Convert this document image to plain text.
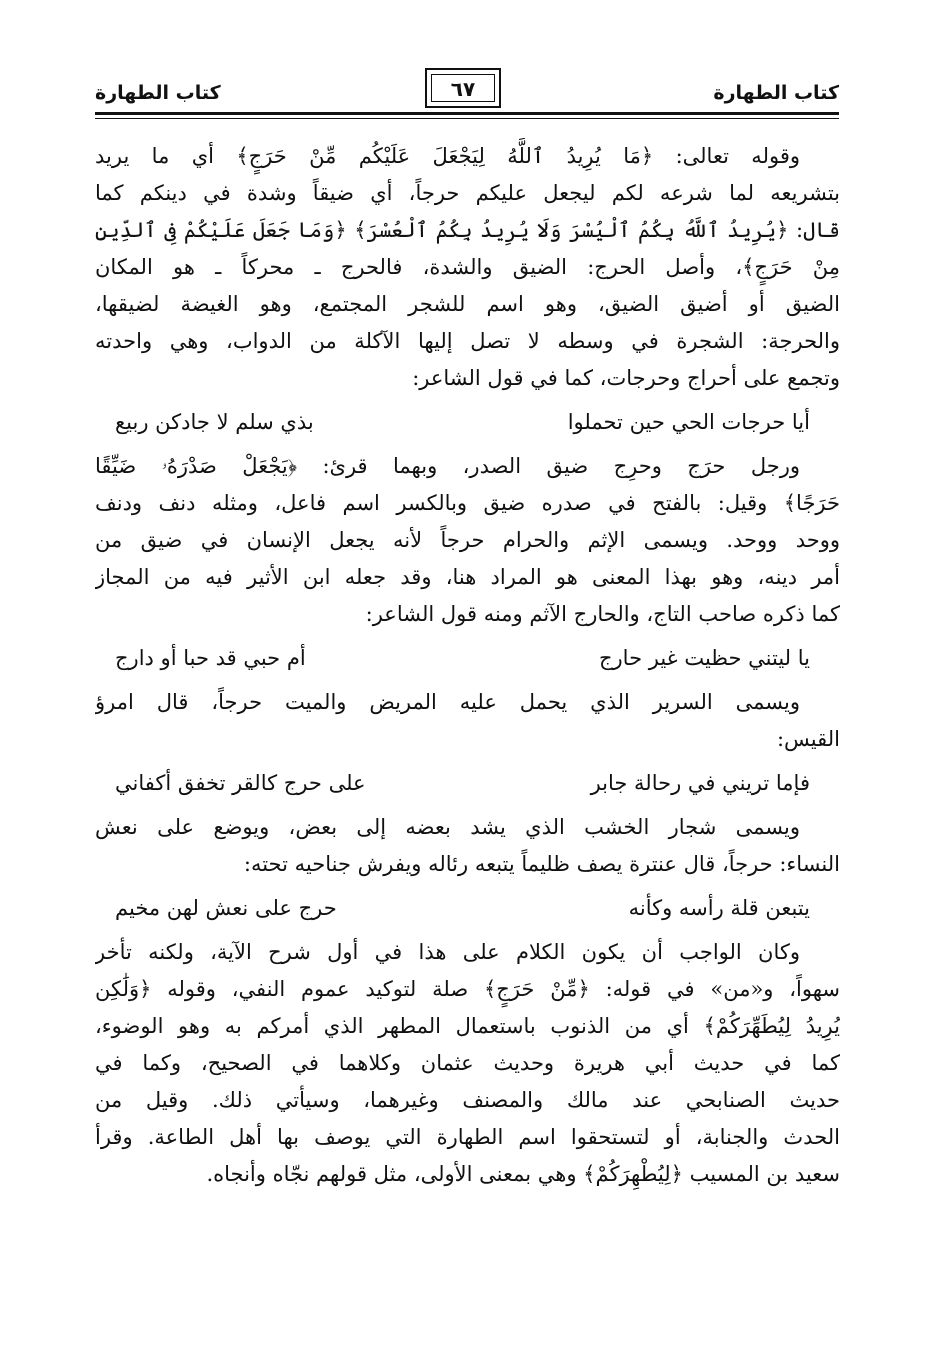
كتاب الطهارة
٦٧
كتاب الطهارة
وقوله تعالى: ﴿مَا يُرِيدُ ٱللَّهُ لِيَجْعَلَ عَلَيْكُم مِّنْ حَرَجٍ﴾ أي ما يريد
بتشريعه لما شرعه لكم ليجعل عليكم حرجاً، أي ضيقاً وشدة في دينكم كما
قال: ﴿يُرِيدُ ٱللَّهُ بِكُمُ ٱلْيُسْرَ وَلَا يُرِيدُ بِكُمُ ٱلْعُسْرَ﴾ ﴿وَمَا جَعَلَ عَلَيْكُمْ فِى ٱلدِّينِ
مِنْ حَرَجٍ﴾، وأصل الحرج: الضيق والشدة، فالحرج ـ محركاً ـ هو المكان
الضيق أو أضيق الضيق، وهو اسم للشجر المجتمع، وهو الغيضة لضيقها،
والحرجة: الشجرة في وسطه لا تصل إليها الآكلة من الدواب، وهي واحدته
وتجمع على أحراج وحرجات، كما في قول الشاعر:
أيا حرجات الحي حين تحملوا
بذي سلم لا جادكن ربيع
ورجل حرَج وحرِج ضيق الصدر، وبهما قرئ: ﴿يَجْعَلْ صَدْرَهُۥ ضَيِّقًا
حَرَجًا﴾ وقيل: بالفتح في صدره ضيق وبالكسر اسم فاعل، ومثله دنف ودنف
ووحد ووحد. ويسمى الإثم والحرام حرجاً لأنه يجعل الإنسان في ضيق من
أمر دينه، وهو بهذا المعنى هو المراد هنا، وقد جعله ابن الأثير فيه من المجاز
كما ذكره صاحب التاج، والحارج الآثم ومنه قول الشاعر:
يا ليتني حظيت غير حارج
أم حبي قد حبا أو دارج
ويسمى السرير الذي يحمل عليه المريض والميت حرجاً، قال امرؤ
القيس:
فإما تريني في رحالة جابر
على حرج كالقر تخفق أكفاني
ويسمى شجار الخشب الذي يشد بعضه إلى بعض، ويوضع على نعش
النساء: حرجاً، قال عنترة يصف ظليماً يتبعه رئاله ويفرش جناحيه تحته:
يتبعن قلة رأسه وكأنه
حرج على نعش لهن مخيم
وكان الواجب أن يكون الكلام على هذا في أول شرح الآية، ولكنه تأخر
سهواً، و«من» في قوله: ﴿مِّنْ حَرَجٍ﴾ صلة لتوكيد عموم النفي، وقوله ﴿وَلَٰكِن
يُرِيدُ لِيُطَهِّرَكُمْ﴾ أي من الذنوب باستعمال المطهر الذي أمركم به وهو الوضوء،
كما في حديث أبي هريرة وحديث عثمان وكلاهما في الصحيح، وكما في
حديث الصنابحي عند مالك والمصنف وغيرهما، وسيأتي ذلك. وقيل من
الحدث والجنابة، أو لتستحقوا اسم الطهارة التي يوصف بها أهل الطاعة. وقرأ
سعيد بن المسيب ﴿لِيُطْهِرَكُمْ﴾ وهي بمعنى الأولى، مثل قولهم نجّاه وأنجاه.
